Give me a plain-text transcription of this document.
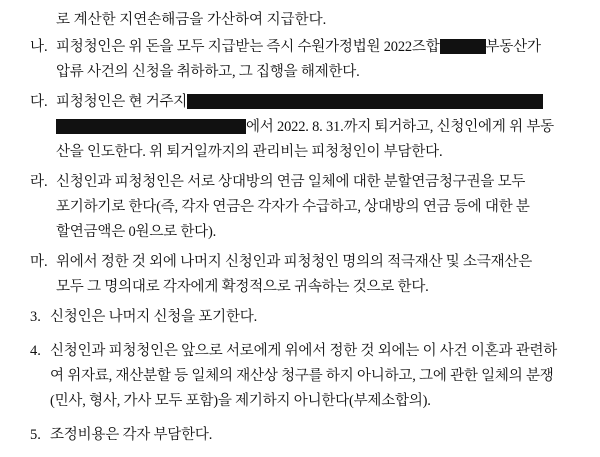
로 계산한 지연손해금을 가산하여 지급한다.
나. 피청청인은 위 돈을 모두 지급받는 즉시 수원가정법원 2022즈합	부동산가
압류 사건의 신청을 취하하고, 그 집행을 해제한다.
다. 피청청인은 현 거주지
에서 2022. 8. 31.까지 퇴거하고, 신청인에게 위 부동
산을 인도한다. 위 퇴거일까지의 관리비는 피청청인이 부담한다.
라. 신청인과 피청청인은 서로 상대방의 연금 일체에 대한 분할연금청구권을 모두
포기하기로 한다(즉, 각자 연금은 각자가 수급하고, 상대방의 연금 등에 대한 분
할연금액은 0원으로 한다).
마. 위에서 정한 것 외에 나머지 신청인과 피청청인 명의의 적극재산 및 소극재산은
모두 그 명의대로 각자에게 확정적으로 귀속하는 것으로 한다.
3. 신청인은 나머지 신청을 포기한다.
4. 신청인과 피청청인은 앞으로 서로에게 위에서 정한 것 외에는 이 사건 이혼과 관련하
여 위자료, 재산분할 등 일체의 재산상 청구를 하지 아니하고, 그에 관한 일체의 분쟁
(민사, 형사, 가사 모두 포함)을 제기하지 아니한다(부제소합의).
5. 조정비용은 각자 부담한다.
